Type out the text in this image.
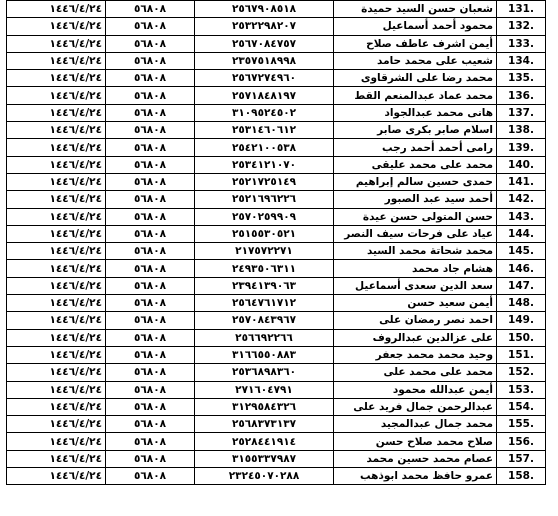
.131	شعبان حسن السيد حميدة	٢٥٦٧٩٠٨٥١٨	٥٦٨٠٨	١٤٤٦/٤/٢٤
.132	محمود أحمد أسماعيل	٢٥٣٢٢٩٨٢٠٧	٥٦٨٠٨	١٤٤٦/٤/٢٤
.133	أيمن اشرف عاطف صلاح	٢٥٦٧٠٨٤٧٥٧	٥٦٨٠٨	١٤٤٦/٤/٢٤
.134	شعيب على محمد حامد	٢٣٥٧٥١٨٩٩٨	٥٦٨٠٨	١٤٤٦/٤/٢٤
.135	محمد رضا على الشرقاوى	٢٥٦٧٢٧٤٩٦٠	٥٦٨٠٨	١٤٤٦/٤/٢٤
.136	محمد عماد عبدالمنعم القط	٢٥٧١٨٤٨١٩٧	٥٦٨٠٨	١٤٤٦/٤/٢٤
.137	هانى محمد عبدالجواد	٣١٠٩٥٢٤٥٠٢	٥٦٨٠٨	١٤٤٦/٤/٢٤
.138	اسلام صابر بكرى صابر	٢٥٣١٤٦٠٦١٢	٥٦٨٠٨	١٤٤٦/٤/٢٤
.139	رامى أحمد أحمد رجب	٢٥٤٢١٠٠٥٣٨	٥٦٨٠٨	١٤٤٦/٤/٢٤
.140	محمد على محمد عليقى	٢٥٣٤١٢١٠٧٠	٥٦٨٠٨	١٤٤٦/٤/٢٤
.141	حمدى حسين سالم إبراهيم	٢٥٢١٧٢٥١٤٩	٥٦٨٠٨	١٤٤٦/٤/٢٤
.142	أحمد سيد عبد الصبور	٢٥٢١٦٩٦٢٢٦	٥٦٨٠٨	١٤٤٦/٤/٢٤
.143	حسن المتولى حسن عيدة	٢٥٧٠٢٥٩٩٠٩	٥٦٨٠٨	١٤٤٦/٤/٢٤
.144	عياد على فرحات سيف النصر	٢٥١٥٥٣٠٥٢١	٥٦٨٠٨	١٤٤٦/٤/٢٤
.145	محمد شحاتة محمد السيد	٢١٧٥٧٢٢٧١	٥٦٨٠٨	١٤٤٦/٤/٢٤
.146	هشام جاد محمد	٢٤٩٣٥٠٦٣١١	٥٦٨٠٨	١٤٤٦/٤/٢٤
.147	سعد الدين سعدى أسماعيل	٢٣٩٤١٣٩٠٦٣	٥٦٨٠٨	١٤٤٦/٤/٢٤
.148	أيمن سعيد حسن	٢٥٦٤٧٦١٧١٢	٥٦٨٠٨	١٤٤٦/٤/٢٤
.149	احمد نصر رمضان على	٢٥٧٠٨٤٣٩٦٧	٥٦٨٠٨	١٤٤٦/٤/٢٤
.150	على عزالدين عبدالروف	٢٥٦٦٩٢٢٦٦	٥٦٨٠٨	١٤٤٦/٤/٢٤
.151	وحيد محمد محمد جعفر	٣١٦٦٥٥٠٨٨٣	٥٦٨٠٨	١٤٤٦/٤/٢٤
.152	محمد على محمد على	٢٥٣٦٨٩٨٣٦٠	٥٦٨٠٨	١٤٤٦/٤/٢٤
.153	أيمن عبدالله محمود	٢٧١٦٠٤٧٩١	٥٦٨٠٨	١٤٤٦/٤/٢٤
.154	عبدالرحمن جمال فريد على	٣١٢٩٥٨٤٣٢٦	٥٦٨٠٨	١٤٤٦/٤/٢٤
.155	محمد جمال عبدالمجيد	٢٥٦٨٣٧٣١٣٧	٥٦٨٠٨	١٤٤٦/٤/٢٤
.156	صلاح محمد صلاح حسن	٢٥٢٨٤٤١٩١٤	٥٦٨٠٨	١٤٤٦/٤/٢٤
.157	عصام محمد حسين محمد	٣١٥٥٣٣٧٩٨٧	٥٦٨٠٨	١٤٤٦/٤/٢٤
.158	عمرو حافظ محمد ابوذهب	٢٣٢٤٥٠٧٠٢٨٨	٥٦٨٠٨	١٤٤٦/٤/٢٤
